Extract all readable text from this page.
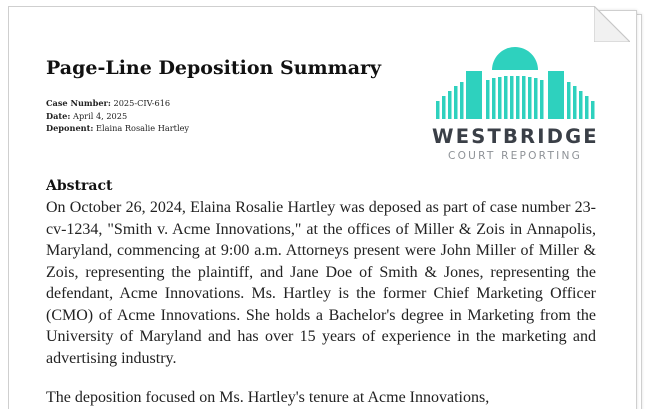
Page-Line Deposition Summary
Case Number: 2025-CIV-616
Date: April 4, 2025
Deponent: Elaina Rosalie Hartley	WESTBRIDGE
COURT REPORTING
Abstract

On October 26, 2024, Elaina Rosalie Hartley was deposed as part of case number 23-cv-1234, "Smith v. Acme Innovations," at the offices of Miller & Zois in Annapolis, Maryland, commencing at 9:00 a.m. Attorneys present were John Miller of Miller & Zois, representing the plaintiff, and Jane Doe of Smith & Jones, representing the defendant, Acme Innovations. Ms. Hartley is the former Chief Marketing Officer (CMO) of Acme Innovations. She holds a Bachelor's degree in Marketing from the University of Maryland and has over 15 years of experience in the marketing and advertising industry.

The deposition focused on Ms. Hartley's tenure at Acme Innovations,
